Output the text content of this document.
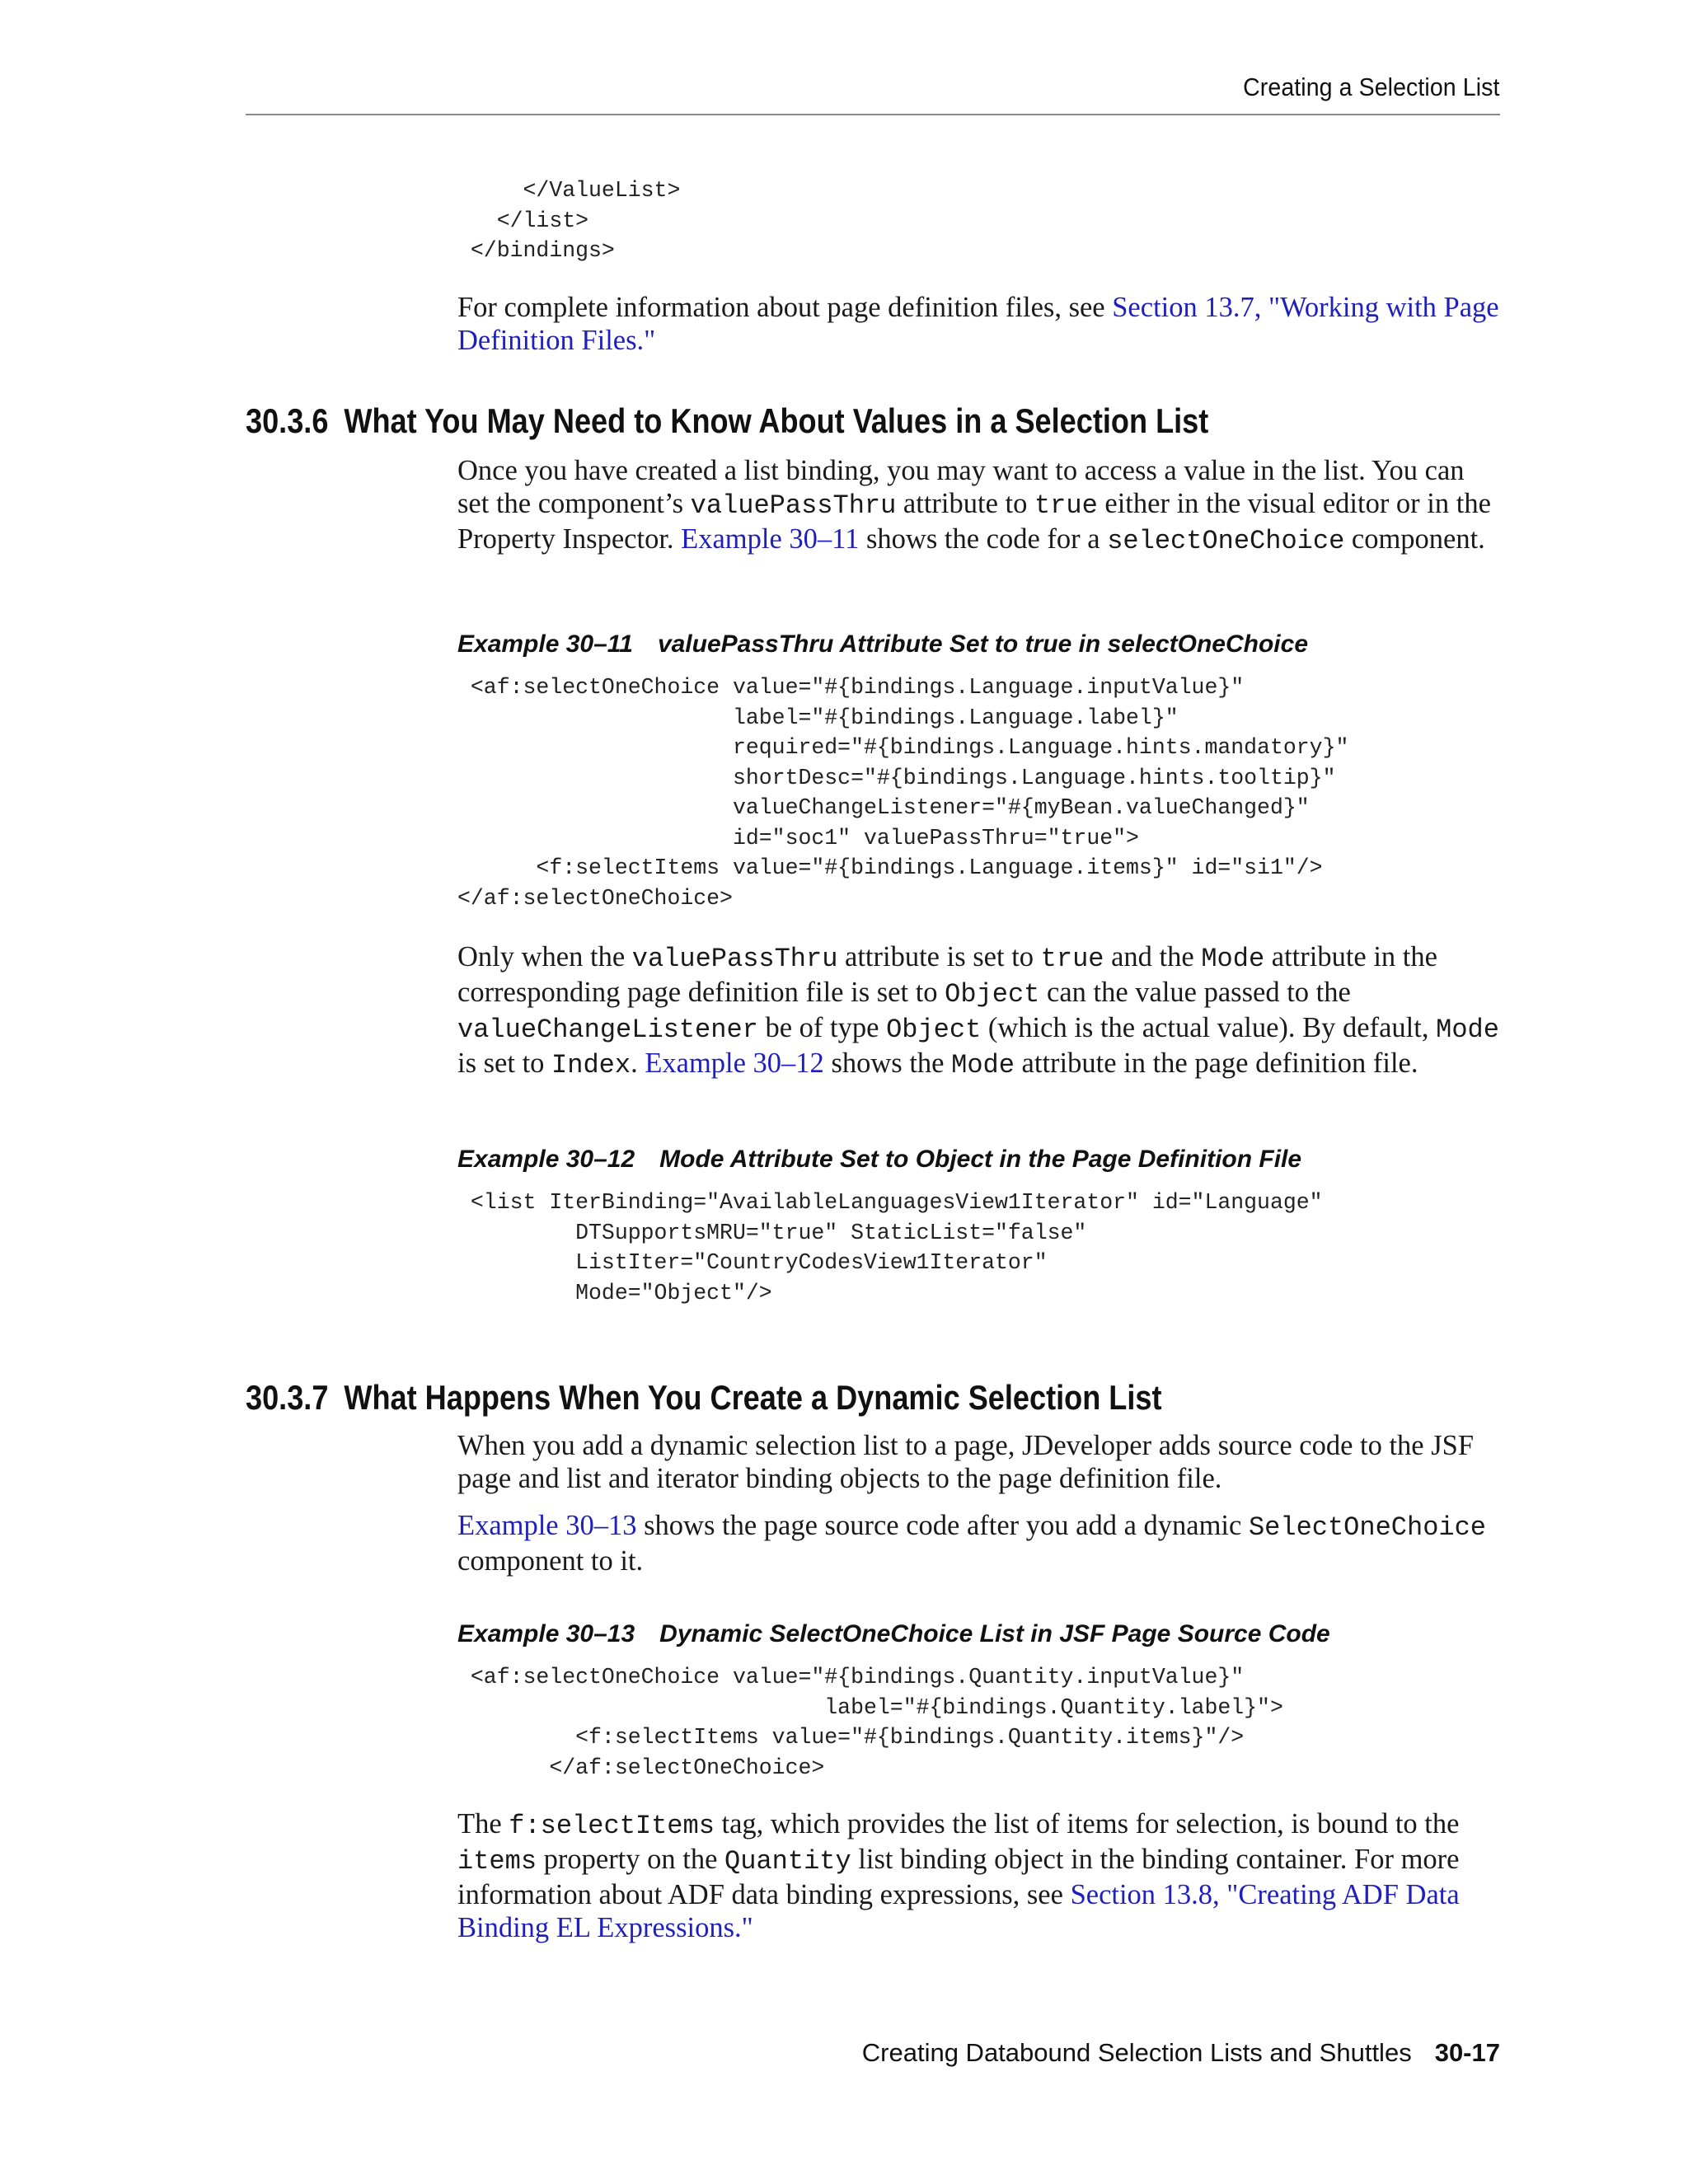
Creating a Selection List
</ValueList>
</list>
</bindings>

For complete information about page definition files, see Section 13.7, "Working with Page Definition Files."

30.3.6 What You May Need to Know About Values in a Selection List

Once you have created a list binding, you may want to access a value in the list. You can set the component’s valuePassThru attribute to true either in the visual editor or in the Property Inspector. Example 30–11 shows the code for a selectOneChoice component.

Example 30–11 valuePassThru Attribute Set to true in selectOneChoice
<af:selectOneChoice value="#{bindings.Language.inputValue}"
label="#{bindings.Language.label}"
required="#{bindings.Language.hints.mandatory}"
shortDesc="#{bindings.Language.hints.tooltip}"
valueChangeListener="#{myBean.valueChanged}"
id="soc1" valuePassThru="true">
<f:selectItems value="#{bindings.Language.items}" id="si1"/>
</af:selectOneChoice>

Only when the valuePassThru attribute is set to true and the Mode attribute in the corresponding page definition file is set to Object can the value passed to the valueChangeListener be of type Object (which is the actual value). By default, Mode is set to Index. Example 30–12 shows the Mode attribute in the page definition file.

Example 30–12 Mode Attribute Set to Object in the Page Definition File
<list IterBinding="AvailableLanguagesView1Iterator" id="Language"
DTSupportsMRU="true" StaticList="false"
ListIter="CountryCodesView1Iterator"
Mode="Object"/>
30.3.7 What Happens When You Create a Dynamic Selection List

When you add a dynamic selection list to a page, JDeveloper adds source code to the JSF page and list and iterator binding objects to the page definition file.

Example 30–13 shows the page source code after you add a dynamic SelectOneChoice component to it.

Example 30–13 Dynamic SelectOneChoice List in JSF Page Source Code
<af:selectOneChoice value="#{bindings.Quantity.inputValue}"
label="#{bindings.Quantity.label}">
<f:selectItems value="#{bindings.Quantity.items}"/>
</af:selectOneChoice>

The f:selectItems tag, which provides the list of items for selection, is bound to the items property on the Quantity list binding object in the binding container. For more information about ADF data binding expressions, see Section 13.8, "Creating ADF Data Binding EL Expressions."

Creating Databound Selection Lists and Shuttles 30-17
